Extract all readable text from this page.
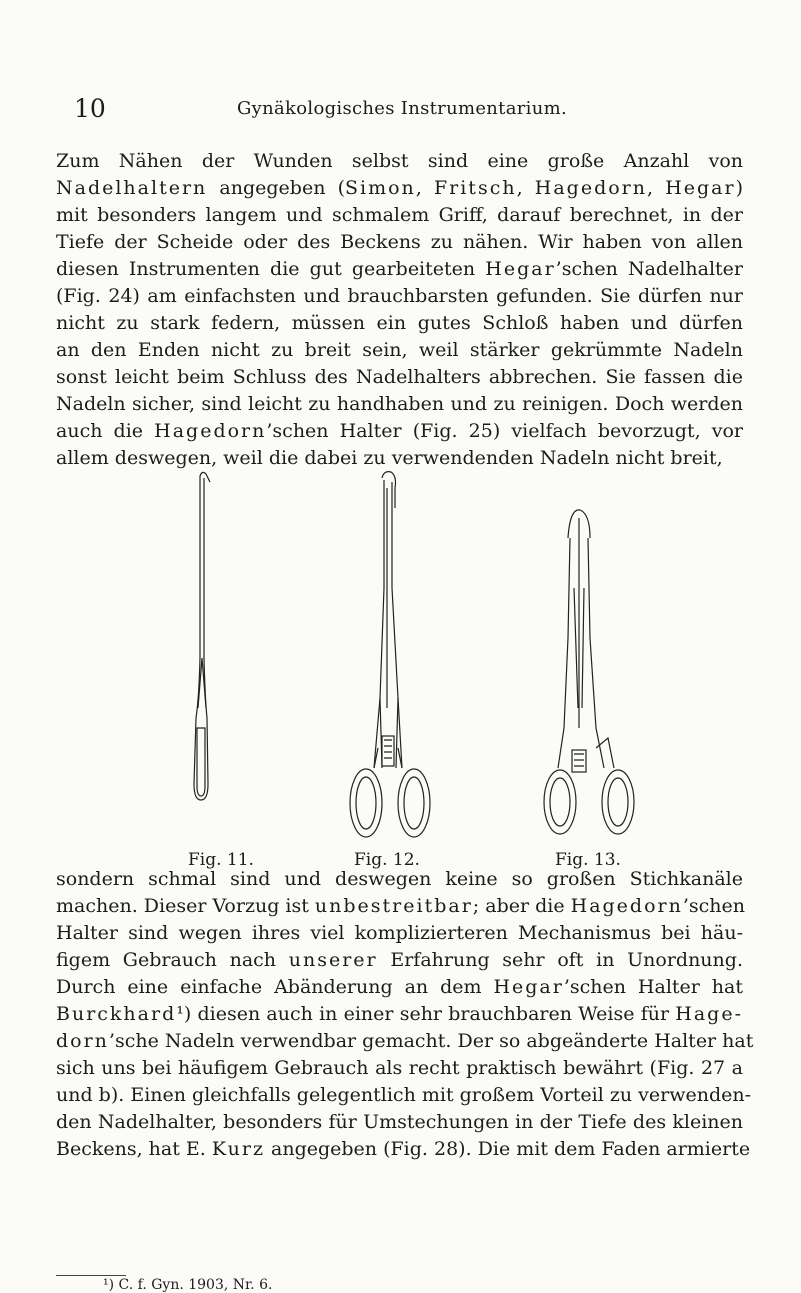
10	Gynäkologisches Instrumentarium.
Zum Nähen der Wunden selbst sind eine große Anzahl von
Nadelhaltern angegeben (Simon, Fritsch, Hagedorn, Hegar)
mit besonders langem und schmalem Griff, darauf berechnet, in der
Tiefe der Scheide oder des Beckens zu nähen. Wir haben von allen
diesen Instrumenten die gut gearbeiteten Hegar’schen Nadelhalter
(Fig. 24) am einfachsten und brauchbarsten gefunden. Sie dürfen nur
nicht zu stark federn, müssen ein gutes Schloß haben und dürfen
an den Enden nicht zu breit sein, weil stärker gekrümmte Nadeln
sonst leicht beim Schluss des Nadelhalters abbrechen. Sie fassen die
Nadeln sicher, sind leicht zu handhaben und zu reinigen. Doch werden
auch die Hagedorn’schen Halter (Fig. 25) vielfach bevorzugt, vor
allem deswegen, weil die dabei zu verwendenden Nadeln nicht breit,
Fig. 11.	Fig. 12.	Fig. 13.
sondern schmal sind und deswegen keine so großen Stichkanäle
machen. Dieser Vorzug ist unbestreitbar; aber die Hagedorn’schen
Halter sind wegen ihres viel komplizierteren Mechanismus bei häu-
figem Gebrauch nach unserer Erfahrung sehr oft in Unordnung.
Durch eine einfache Abänderung an dem Hegar’schen Halter hat
Burckhard¹) diesen auch in einer sehr brauchbaren Weise für Hage-
dorn’sche Nadeln verwendbar gemacht. Der so abgeänderte Halter hat
sich uns bei häufigem Gebrauch als recht praktisch bewährt (Fig. 27 a
und b). Einen gleichfalls gelegentlich mit großem Vorteil zu verwenden-
den Nadelhalter, besonders für Umstechungen in der Tiefe des kleinen
Beckens, hat E. Kurz angegeben (Fig. 28). Die mit dem Faden armierte
¹) C. f. Gyn. 1903, Nr. 6.
